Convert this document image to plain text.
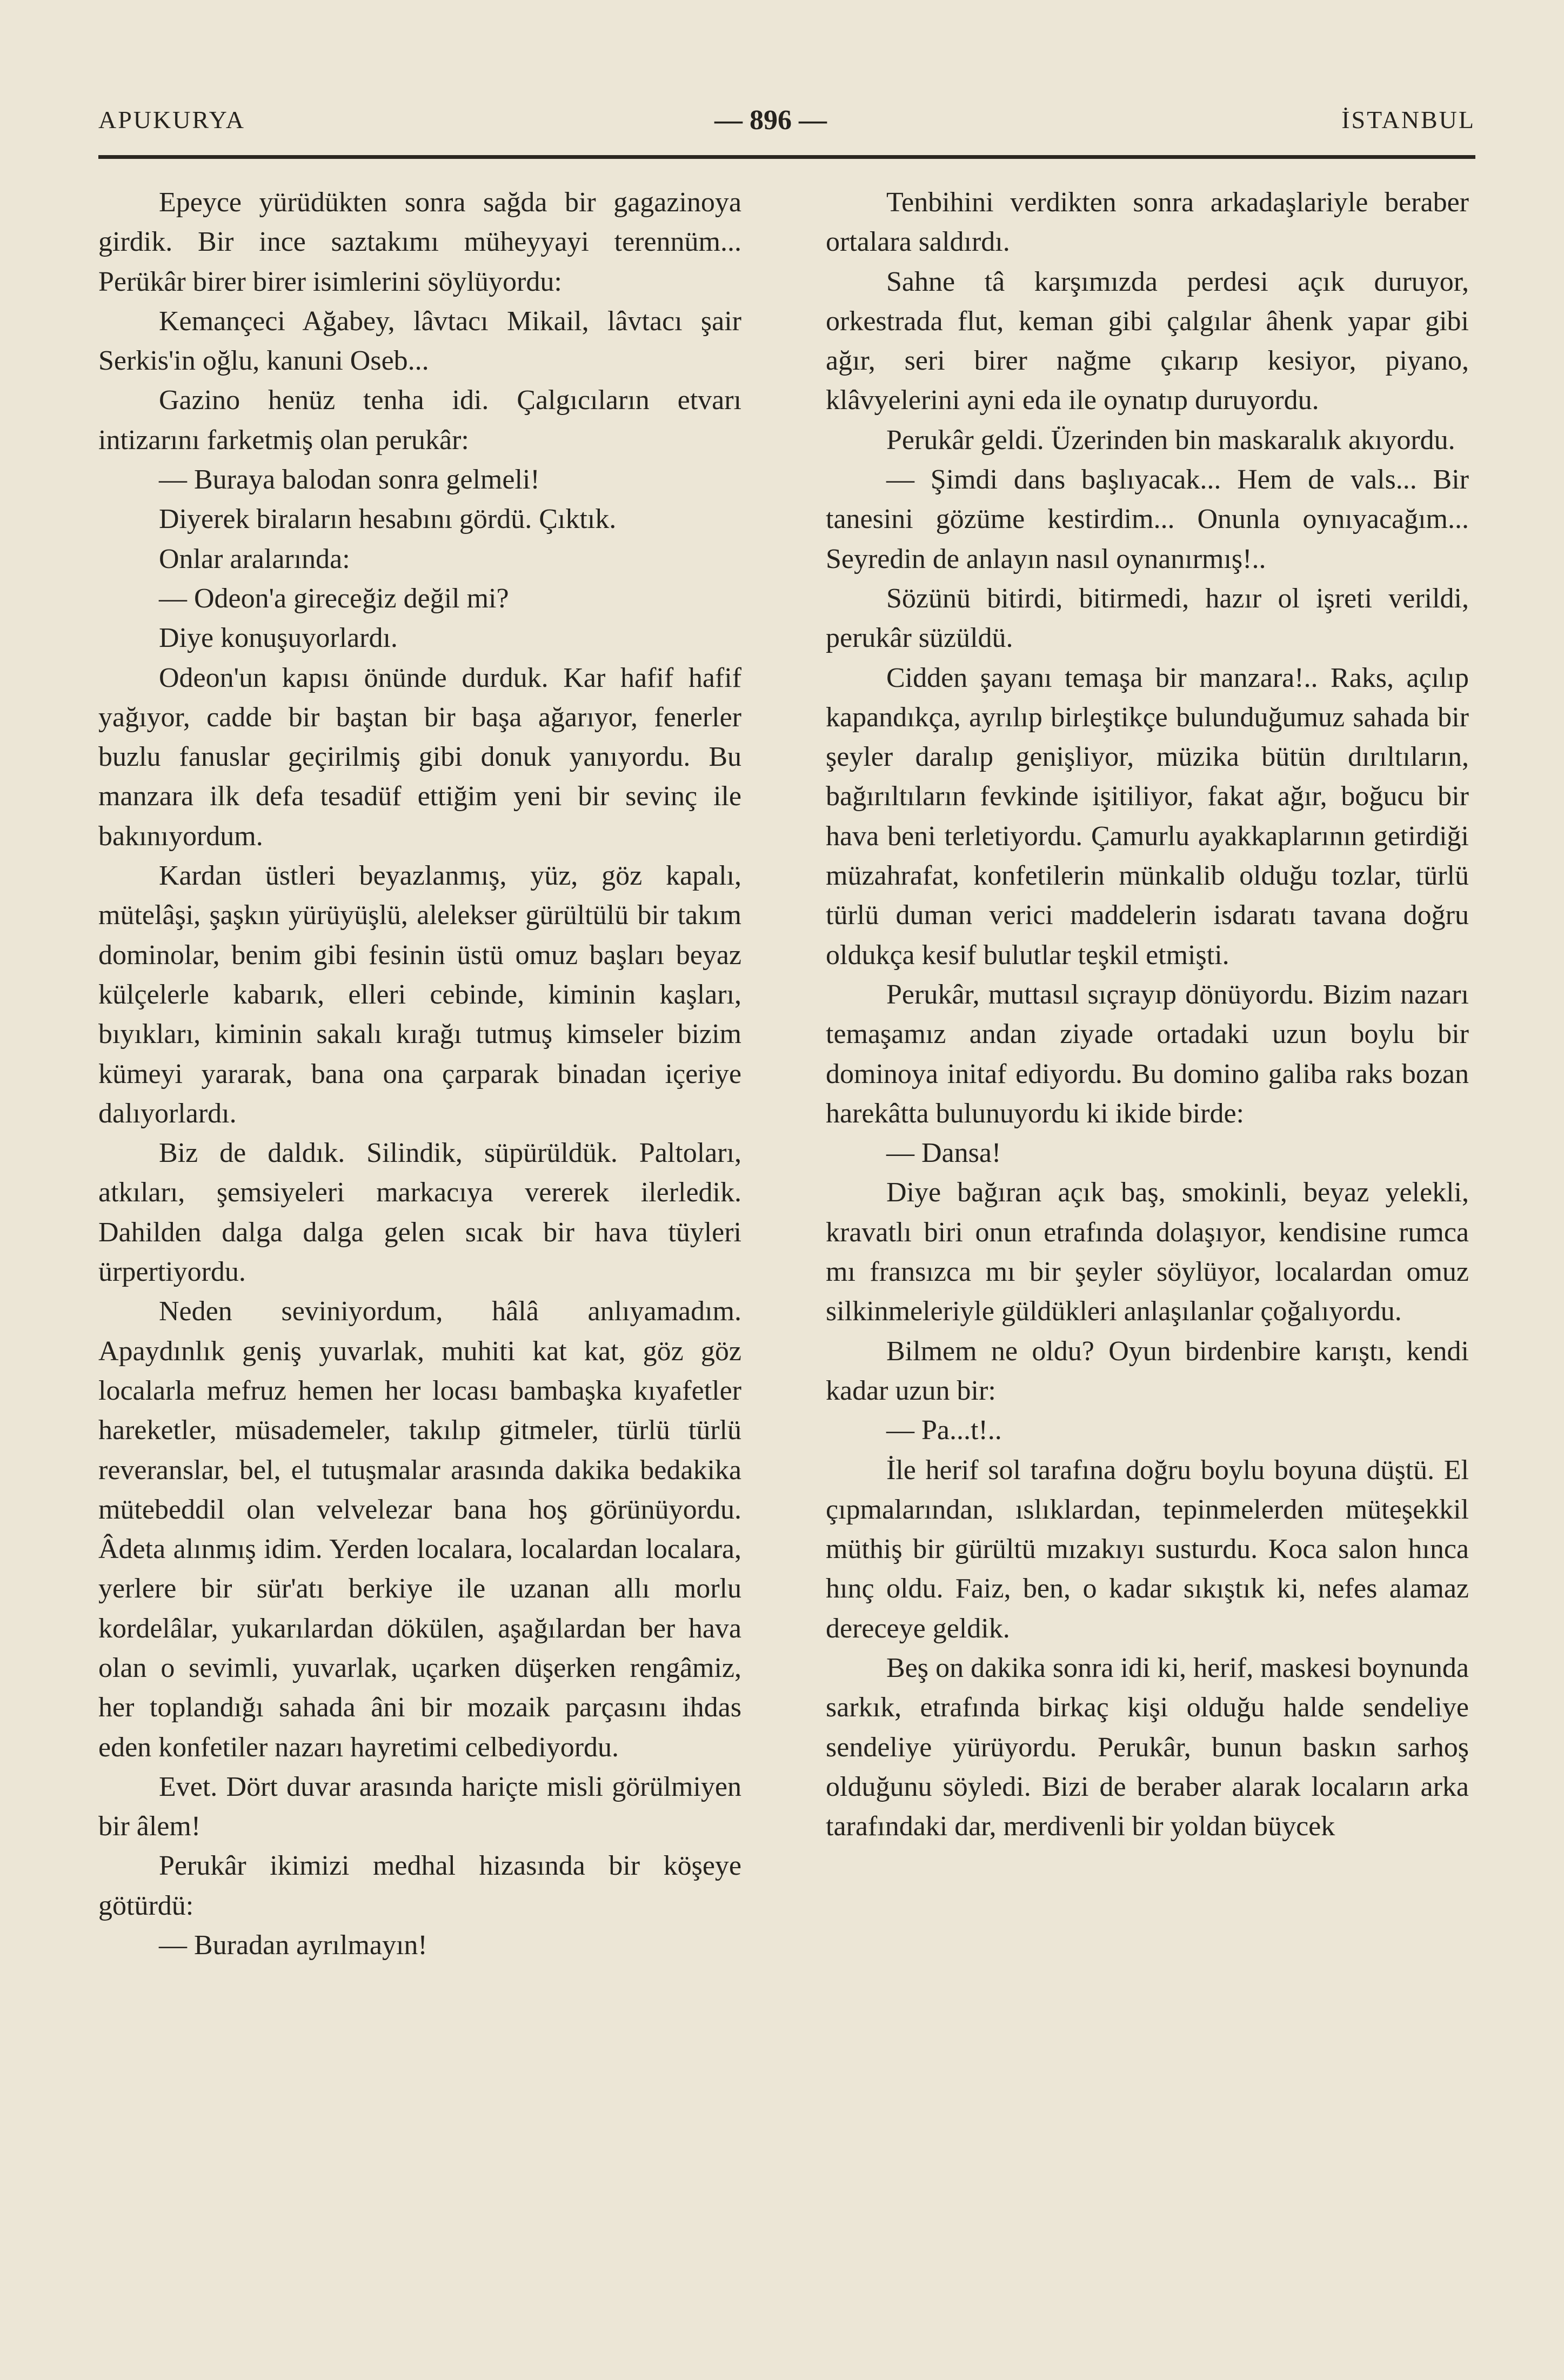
APUKURYA	— 896 —	İSTANBUL

Epeyce yürüdükten sonra sağda bir gagazinoya girdik. Bir ince saztakımı müheyyayi terennüm... Perükâr birer birer isimlerini söylüyordu:

Kemançeci Ağabey, lâvtacı Mikail, lâvtacı şair Serkis'in oğlu, kanuni Oseb...

Gazino henüz tenha idi. Çalgıcıların etvarı intizarını farketmiş olan perukâr:

— Buraya balodan sonra gelmeli!

Diyerek biraların hesabını gördü. Çıktık.

Onlar aralarında:

— Odeon'a gireceğiz değil mi?

Diye konuşuyorlardı.

Odeon'un kapısı önünde durduk. Kar hafif hafif yağıyor, cadde bir baştan bir başa ağarıyor, fenerler buzlu fanuslar geçirilmiş gibi donuk yanıyordu. Bu manzara ilk defa tesadüf ettiğim yeni bir sevinç ile bakınıyordum.

Kardan üstleri beyazlanmış, yüz, göz kapalı, mütelâşi, şaşkın yürüyüşlü, alelekser gürültülü bir takım dominolar, benim gibi fesinin üstü omuz başları beyaz külçelerle kabarık, elleri cebinde, kiminin kaşları, bıyıkları, kiminin sakalı kırağı tutmuş kimseler bizim kümeyi yararak, bana ona çarparak binadan içeriye dalıyorlardı.

Biz de daldık. Silindik, süpürüldük. Paltoları, atkıları, şemsiyeleri markacıya vererek ilerledik. Dahilden dalga dalga gelen sıcak bir hava tüyleri ürpertiyordu.

Neden seviniyordum, hâlâ anlıyamadım. Apaydınlık geniş yuvarlak, muhiti kat kat, göz göz localarla mefruz hemen her locası bambaşka kıyafetler hareketler, müsademeler, takılıp gitmeler, türlü türlü reveranslar, bel, el tutuşmalar arasında dakika bedakika mütebeddil olan velvelezar bana hoş görünüyordu. Âdeta alınmış idim. Yerden localara, localardan localara, yerlere bir sür'atı berkiye ile uzanan allı morlu kordelâlar, yukarılardan dökülen, aşağılardan ber hava olan o sevimli, yuvarlak, uçarken düşerken rengâmiz, her toplandığı sahada âni bir mozaik parçasını ihdas eden konfetiler nazarı hayretimi celbediyordu.

Evet. Dört duvar arasında hariçte misli görülmiyen bir âlem!

Perukâr ikimizi medhal hizasında bir köşeye götürdü:

— Buradan ayrılmayın!

Tenbihini verdikten sonra arkadaşlariyle beraber ortalara saldırdı.

Sahne tâ karşımızda perdesi açık duruyor, orkestrada flut, keman gibi çalgılar âhenk yapar gibi ağır, seri birer nağme çıkarıp kesiyor, piyano, klâvyelerini ayni eda ile oynatıp duruyordu.

Perukâr geldi. Üzerinden bin maskaralık akıyordu.

— Şimdi dans başlıyacak... Hem de vals... Bir tanesini gözüme kestirdim... Onunla oynıyacağım... Seyredin de anlayın nasıl oynanırmış!..

Sözünü bitirdi, bitirmedi, hazır ol işreti verildi, perukâr süzüldü.

Cidden şayanı temaşa bir manzara!.. Raks, açılıp kapandıkça, ayrılıp birleştikçe bulunduğumuz sahada bir şeyler daralıp genişliyor, müzika bütün dırıltıların, bağırıltıların fevkinde işitiliyor, fakat ağır, boğucu bir hava beni terletiyordu. Çamurlu ayakkaplarının getirdiği müzahrafat, konfetilerin münkalib olduğu tozlar, türlü türlü duman verici maddelerin isdaratı tavana doğru oldukça kesif bulutlar teşkil etmişti.

Perukâr, muttasıl sıçrayıp dönüyordu. Bizim nazarı temaşamız andan ziyade ortadaki uzun boylu bir dominoya initaf ediyordu. Bu domino galiba raks bozan harekâtta bulunuyordu ki ikide birde:

— Dansa!

Diye bağıran açık baş, smokinli, beyaz yelekli, kravatlı biri onun etrafında dolaşıyor, kendisine rumca mı fransızca mı bir şeyler söylüyor, localardan omuz silkinmeleriyle güldükleri anlaşılanlar çoğalıyordu.

Bilmem ne oldu? Oyun birdenbire karıştı, kendi kadar uzun bir:

— Pa...t!..

İle herif sol tarafına doğru boylu boyuna düştü. El çıpmalarından, ıslıklardan, tepinmelerden müteşekkil müthiş bir gürültü mızakıyı susturdu. Koca salon hınca hınç oldu. Faiz, ben, o kadar sıkıştık ki, nefes alamaz dereceye geldik.

Beş on dakika sonra idi ki, herif, maskesi boynunda sarkık, etrafında birkaç kişi olduğu halde sendeliye sendeliye yürüyordu. Perukâr, bunun baskın sarhoş olduğunu söyledi. Bizi de beraber alarak locaların arka tarafındaki dar, merdivenli bir yoldan büycek
